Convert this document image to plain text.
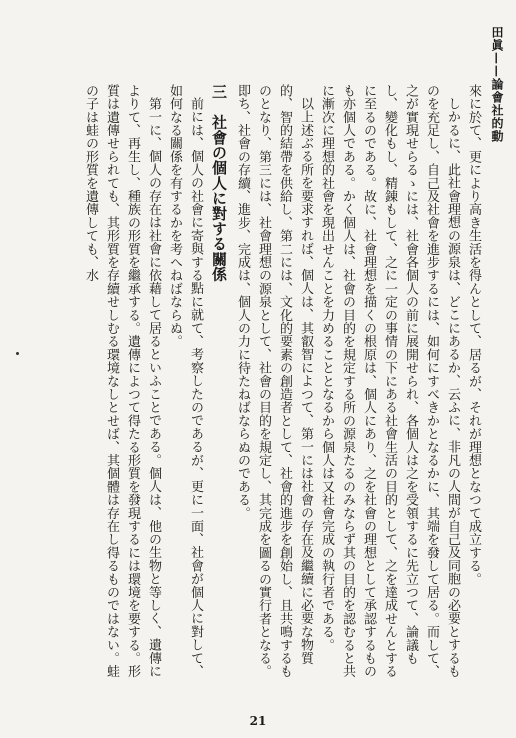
田眞——論會社的動

來に於て、更により高き生活を得んとして、居るが、それが理想となつて成立する。

しかるに、此社會理想の源泉は、どこにあるか、云ふに、非凡の人間が自己及同胞の必要とするものを充足し、自己及社會を進步するには、如何にすべきかとなるかに、其端を發して居る。而して、之が實現せらるゝには、社會各個人の前に展開せられ、各個人は之を受領するに先立つて、論議もし、變化もし、精錬もして、之に一定の事情の下にある社會生活の目的として、之を達成せんとするに至るのである。故に、社會理想を描くの根原は、個人にあり、之を社會の理想として承認するものも亦個人である。かく個人は、社會の目的を規定する所の源泉たるのみならず其の目的を認むると共に漸次に理想的社會を現出せんことを力めることとなるから個人は又社會完成の執行者である。

以上述ぶる所を要求すれば、個人は、其叡智によつて、第一には社會の存在及繼續に必要な物質的、智的結帶を供給し、第二には、文化的要素の創造者として、社會的進步を創始し、且共鳴するものとなり、第三には、社會理想の源泉として、社會の目的を規定し、其完成を圖るの實行者となる。即ち、社會の存續、進步、完成は、個人の力に待たねばならぬのである。

三　社會の個人に對する關係

前には、個人の社會に寄與する點に就て、考察したのであるが、更に一面、社會が個人に對して、如何なる關係を有するかを考へねばならぬ。

第一に、個人の存在は社會に依藉して居るといふことである。個人は、他の生物と等しく、遺傳によりて、再生し、種族の形質を繼承する。遺傳によつて得たる形質を發現するには環境を要する。形質は遺傳せられても、其形質を存續せしむる環境なしとせば、其個體は存在し得るものではない。蛙の子は蛙の形質を遺傳しても、水

21
